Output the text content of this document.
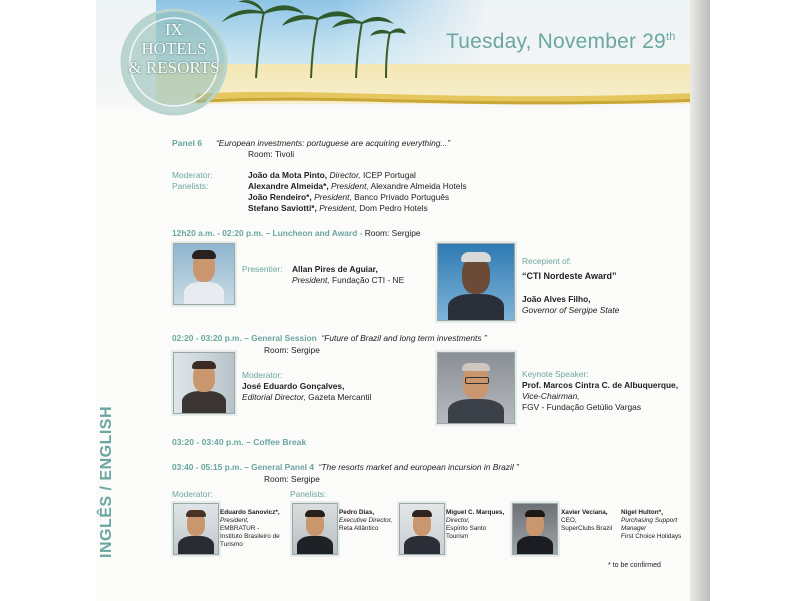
Tuesday, November 29th
IX
HOTELS
& RESORTS
INGLÊS / ENGLISH
Panel 6 “European investments: portuguese are acquiring everything...”
Room: Tivoli
Moderator:	João da Mota Pinto, Director, ICEP Portugal
Panelists:	Alexandre Almeida*, President, Alexandre Almeida Hotels
João Rendeiro*, President, Banco Privado Português
Stefano Saviotti*, President, Dom Pedro Hotels
12h20 a.m. - 02:20 p.m. – Luncheon and Award - Room: Sergipe
Presentier: Allan Pires de Aguiar,
President, Fundação CTI - NE
Recepient of:
“CTI Nordeste Award”
João Alves Filho,
Governor of Sergipe State
02:20 - 03:20 p.m. – General Session “Future of Brazil and long term investments ”
Room: Sergipe
Moderator:
José Eduardo Gonçalves,
Editorial Director, Gazeta Mercantil
Keynote Speaker:
Prof. Marcos Cintra C. de Albuquerque,
Vice-Chairman,
FGV - Fundação Getúlio Vargas
03:20 - 03:40 p.m. – Coffee Break
03:40 - 05:15 p.m. – General Panel 4 “The resorts market and european incursion in Brazil ”
Room: Sergipe
Moderator:	Panelists:
Eduardo Sanovicz*,
President,
EMBRATUR -
Instituto Brasileiro de
Turismo
Pedro Dias,
Executive Director,
Reta Atlântico
Miguel C. Marques,
Director,
Espírito Santo
Tourism
Xavier Veciana,
CEO,
SuperClubs Brazil
Nigel Hulton*,
Purchasing Support
Manager
First Choice Holidays
* to be confirmed
